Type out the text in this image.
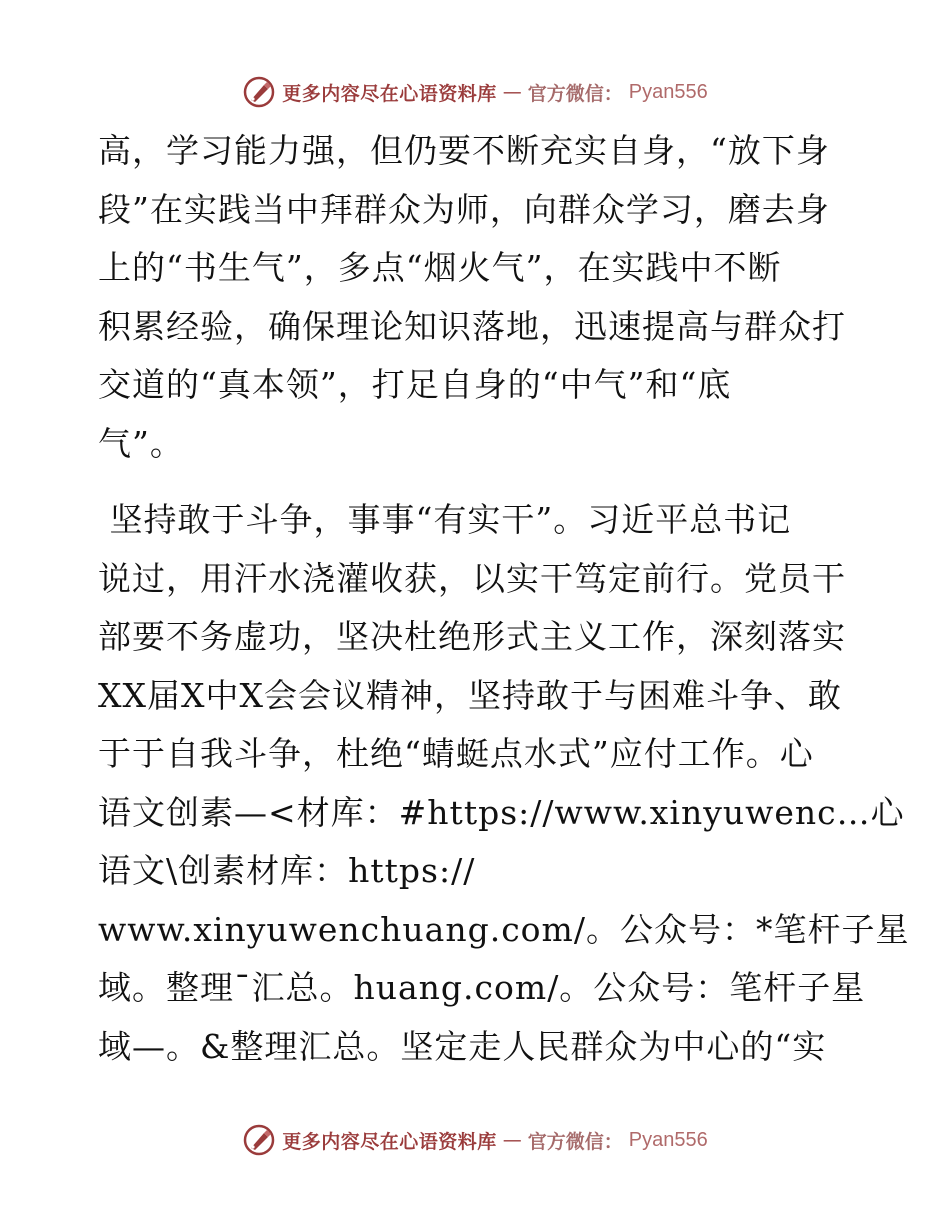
更多内容尽在心语资料库 — 官方微信： Pyan556

高，学习能力强，但仍要不断充实自身，“放下身
段”在实践当中拜群众为师，向群众学习，磨去身
上的“书生气”，多点“烟火气”，在实践中不断
积累经验，确保理论知识落地，迅速提高与群众打
交道的“真本领”，打足自身的“中气”和“底
气”。

坚持敢于斗争，事事“有实干”。习近平总书记
说过，用汗水浇灌收获，以实干笃定前行。党员干
部要不务虚功，坚决杜绝形式主义工作，深刻落实
XX届X中X会会议精神，坚持敢于与困难斗争、敢
于于自我斗争，杜绝“蜻蜓点水式”应付工作。心
语文创素—<材库：#https://www.xinyuwenc…心
语文\创素材库：https://
www.xinyuwenchuang.com/。公众号：*笔杆子星
域。整理¯汇总。huang.com/。公众号：笔杆子星
域—。&整理汇总。坚定走人民群众为中心的“实

更多内容尽在心语资料库 — 官方微信： Pyan556
